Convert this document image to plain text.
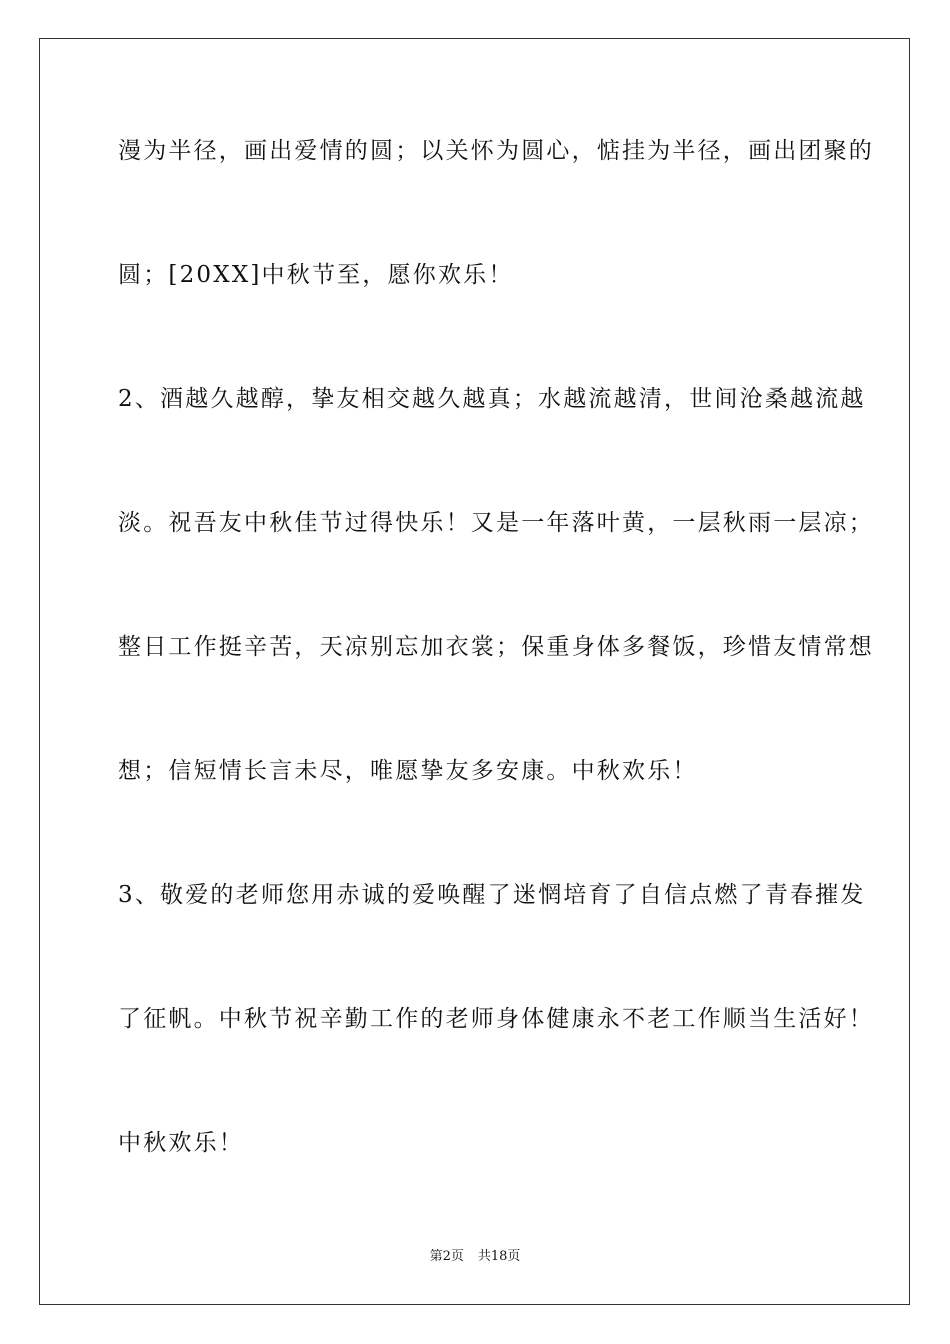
漫为半径，画出爱情的圆；以关怀为圆心，惦挂为半径，画出团聚的
圆；[20XX]中秋节至，愿你欢乐！
2、酒越久越醇，挚友相交越久越真；水越流越清，世间沧桑越流越
淡。祝吾友中秋佳节过得快乐！又是一年落叶黄，一层秋雨一层凉；
整日工作挺辛苦，天凉别忘加衣裳；保重身体多餐饭，珍惜友情常想
想；信短情长言未尽，唯愿挚友多安康。中秋欢乐！
3、敬爱的老师您用赤诚的爱唤醒了迷惘培育了自信点燃了青春摧发
了征帆。中秋节祝辛勤工作的老师身体健康永不老工作顺当生活好！
中秋欢乐！
第2页 共18页
